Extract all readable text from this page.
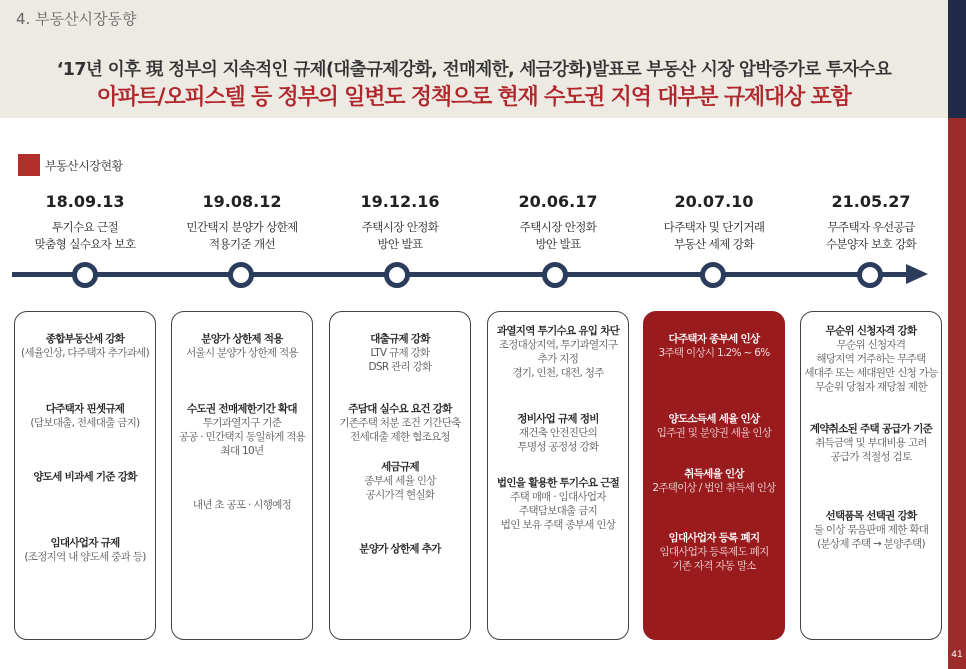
4. 부동산시장동향
‘17년 이후 現 정부의 지속적인 규제(대출규제강화, 전매제한, 세금강화)발표로 부동산 시장 압박증가로 투자수요
아파트/오피스텔 등 정부의 일변도 정책으로 현재 수도권 지역 대부분 규제대상 포함
41
부동산시장현황
18.09.13
투기수요 근절
맞춤형 실수요자 보호
종합부동산세 강화
(세율인상, 다주택자 추가과세)
다주택자 핀셋규제
(담보대출, 전세대출 금지)
양도세 비과세 기준 강화
임대사업자 규제
(조정지역 내 양도세 중과 등)
19.08.12
민간택지 분양가 상한제
적용기준 개선
분양가 상한제 적용
서울시 분양가 상한제 적용
수도권 전매제한기간 확대
투기과열지구 기준
공공 · 민간택지 동일하게 적용
최대 10년
내년 초 공포 · 시행예정
19.12.16
주택시장 안정화
방안 발표
대출규제 강화
LTV 규제 강화
DSR 관리 강화
주담대 실수요 요건 강화
기존주택 처분 조건 기간단축
전세대출 제한 협조요청
세금규제
종부세 세율 인상
공시가격 현실화
분양가 상한제 추가
20.06.17
주택시장 안정화
방안 발표
과열지역 투기수요 유입 차단
조정대상지역, 투기과열지구
추가 지정
경기, 인천, 대전, 청주
정비사업 규제 정비
재건축 안전진단의
투명성 공정성 강화
법인을 활용한 투기수요 근절
주택 매매 · 임대사업자
주택담보대출 금지
법인 보유 주택 종부세 인상
20.07.10
다주택자 및 단기거래
부동산 세제 강화
다주택자 종부세 인상
3주택 이상시 1.2% ~ 6%
양도소득세 세율 인상
입주권 및 분양권 세율 인상
취득세율 인상
2주택이상 / 법인 취득세 인상
임대사업자 등록 폐지
임대사업자 등록제도 폐지
기존 자격 자동 말소
21.05.27
무주택자 우선공급
수분양자 보호 강화
무순위 신청자격 강화
무순위 신청자격
해당지역 거주하는 무주택
세대주 또는 세대원만 신청 가능
무순위 당첨자 재당첨 제한
계약취소된 주택 공급가 기준
취득금액 및 부대비용 고려
공급가 적절성 검토
선택품목 선택권 강화
둘 이상 묶음판매 제한 확대
(분상제 주택 → 분양주택)
